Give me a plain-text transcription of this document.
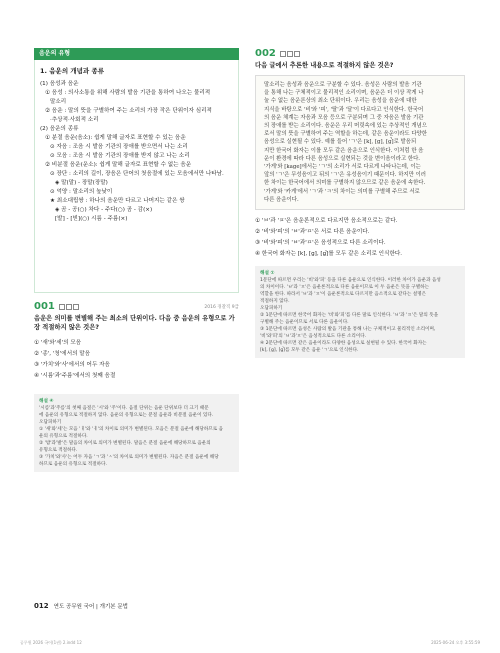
음운의 유형
1. 음운의 개념과 종류
(1) 음성과 음운
① 음성 : 의사소통을 위해 사람의 발음 기관을 통하여 나오는 물리적
말소리
② 음운 : 말의 뜻을 구별하여 주는 소리의 가장 작은 단위이자 심리적
·추상적·사회적 소리
(2) 음운의 종류
① 분절 음운(음소): 쉽게 말해 글자로 표현할 수 있는 음운
⊙ 자음 : 조음 시 발음 기관의 장애를 받으면서 나는 소리
⊙ 모음 : 조음 시 발음 기관의 장애를 받지 않고 나는 소리
② 비분절 음운(운소): 쉽게 말해 글자로 표현할 수 없는 음운
⊙ 장단 : 소리의 길이, 장음은 단어의 첫음절에 있는 모음에서만 나타남.
◈ 말(말) - 장말(장말)
⊙ 억양 : 말소리의 높낮이
★ 최소대립쌍 : 하나의 음운만 다르고 나머지는 같은 쌍
◈ 곰 - 공(○) 차다 - 주다(○) 곰 - 감(×)
[발] - [빋](○) 시름 - 주름(×)
001	2016 경찰직 9급
음운은 의미를 변별해 주는 최소의 단위이다. 다음 중 음운의 유형으로 가장 적절하지 않은 것은?
① '새'와'세'의 모음
② '종', '청'에서의 말음
③ '가치'와'사'에서의 어두 자음
④ '시름'과'주름'에서의 첫째 음절
해설 ④
'시름'과'주름'의 첫째 음절은 '시'와 '주'이다. 음절 단위는 음운 단위보다 더 크기 때문
에 음운의 유형으로 적절하지 않다. 음운의 유형으로는 분절 음운과 비분절 음운이 있다.
오답피하기
① '새'와'세'는 모음 'ㅐ'와 'ㅔ'의 차이로 의미가 변별된다. 모음은 분절 음운에 해당하므로 음
운의 유형으로 적절하다.
② '밤'과'발'은 말음의 차이로 의미가 변별된다. 말음은 분절 음운에 해당하므로 음운의
유형으로 적절하다.
③ '가치'와'사'는 어두 자음 'ㄱ'과 'ㅅ'의 차이로 의미가 변별된다. 자음은 분절 음운에 해당
하므로 음운의 유형으로 적절하다.
002
다음 글에서 추론한 내용으로 적절하지 않은 것은?
말소리는 음성과 음운으로 구분할 수 있다. 음성은 사람의 발음 기관
을 통해 나는 구체적이고 물리적인 소리이며, 음운은 더 이상 작게 나
눌 수 없는 음운론상의 최소 단위이다. 우리는 음성을 음운에 대한
지식을 바탕으로 '비'와 '피', '탈'과 '달'이 다르다고 인식한다. 한국어
의 음운 체계는 자음과 모음 등으로 구분되며 그 중 자음은 발음 기관
의 장애를 받는 소리이다. 음운은 우리 머릿속에 있는 추상적인 개념으
로서 말의 뜻을 구별하여 주는 역할을 하는데, 같은 음운이라도 다양한
음성으로 실현될 수 있다. 예를 들어 'ㄱ'은 [k], [g], [ɡ̚]로 발음되
지만 한국어 화자는 이를 모두 같은 음운으로 인식한다. 이처럼 한 음
운이 환경에 따라 다른 음성으로 실현되는 것을 변이음이라고 한다.
'가게'와 [kage]에서는 'ㄱ'의 소리가 서로 다르게 나타나는데, 이는
앞의 'ㄱ'은 무성음이고 뒤의 'ㄱ'은 유성음이기 때문이다. 하지만 이러
한 차이는 한국어에서 의미를 구별하지 않으므로 같은 음운에 속한다.
'가게'와 '카게'에서 'ㄱ'과 'ㅋ'의 차이는 의미를 구별해 주므로 서로
다른 음운이다.
① 'ㅂ'과 'ㅍ'은 음운론적으로 다르지만 음소적으로는 같다.
② '비'와'피'의 'ㅂ'과'ㅍ'은 서로 다른 음운이다.
③ '비'와'피'의 'ㅂ'과'ㅍ'은 음성적으로 다른 소리이다.
④ 한국어 화자는 [k], [g], [ɡ̚]를 모두 같은 소리로 인식한다.
해설 ①
1문단에 따르면 우리는 '비'와'피' 등을 다른 음운으로 인식한다. 이러한 차이가 음운과 음성
의 차이이다. 'ㅂ'과 'ㅍ'은 음운론적으로 다른 음운이므로 이 두 음운은 뜻을 구별하는
역할을 한다. 따라서 'ㅂ'과 'ㅍ'이 음운론적으로 다르지만 음소적으로 같다는 설명은
적절하지 않다.
오답피하기
② 1문단에 따르면 한국어 화자는 '비'와'피'를 다른 말로 인식한다. 'ㅂ'과 'ㅍ'은 말의 뜻을
구별해 주는 음운이므로 서로 다른 음운이다.
③ 1문단에 따르면 음성은 사람의 발음 기관을 통해 나는 구체적이고 물리적인 소리이며,
'비'와'피'의 'ㅂ'과'ㅍ'은 음성적으로도 다른 소리이다.
④ 2문단에 따르면 같은 음운이라도 다양한 음성으로 실현될 수 있다. 한국어 화자는
[k], [g], [ɡ̚]를 모두 같은 음운 'ㄱ'으로 인식한다.
012 연도 공무원 국어 | 개기본 문법
공무원 2026 국어(1권) 2.indd 12	2025-06-24 오후 3:55:59
